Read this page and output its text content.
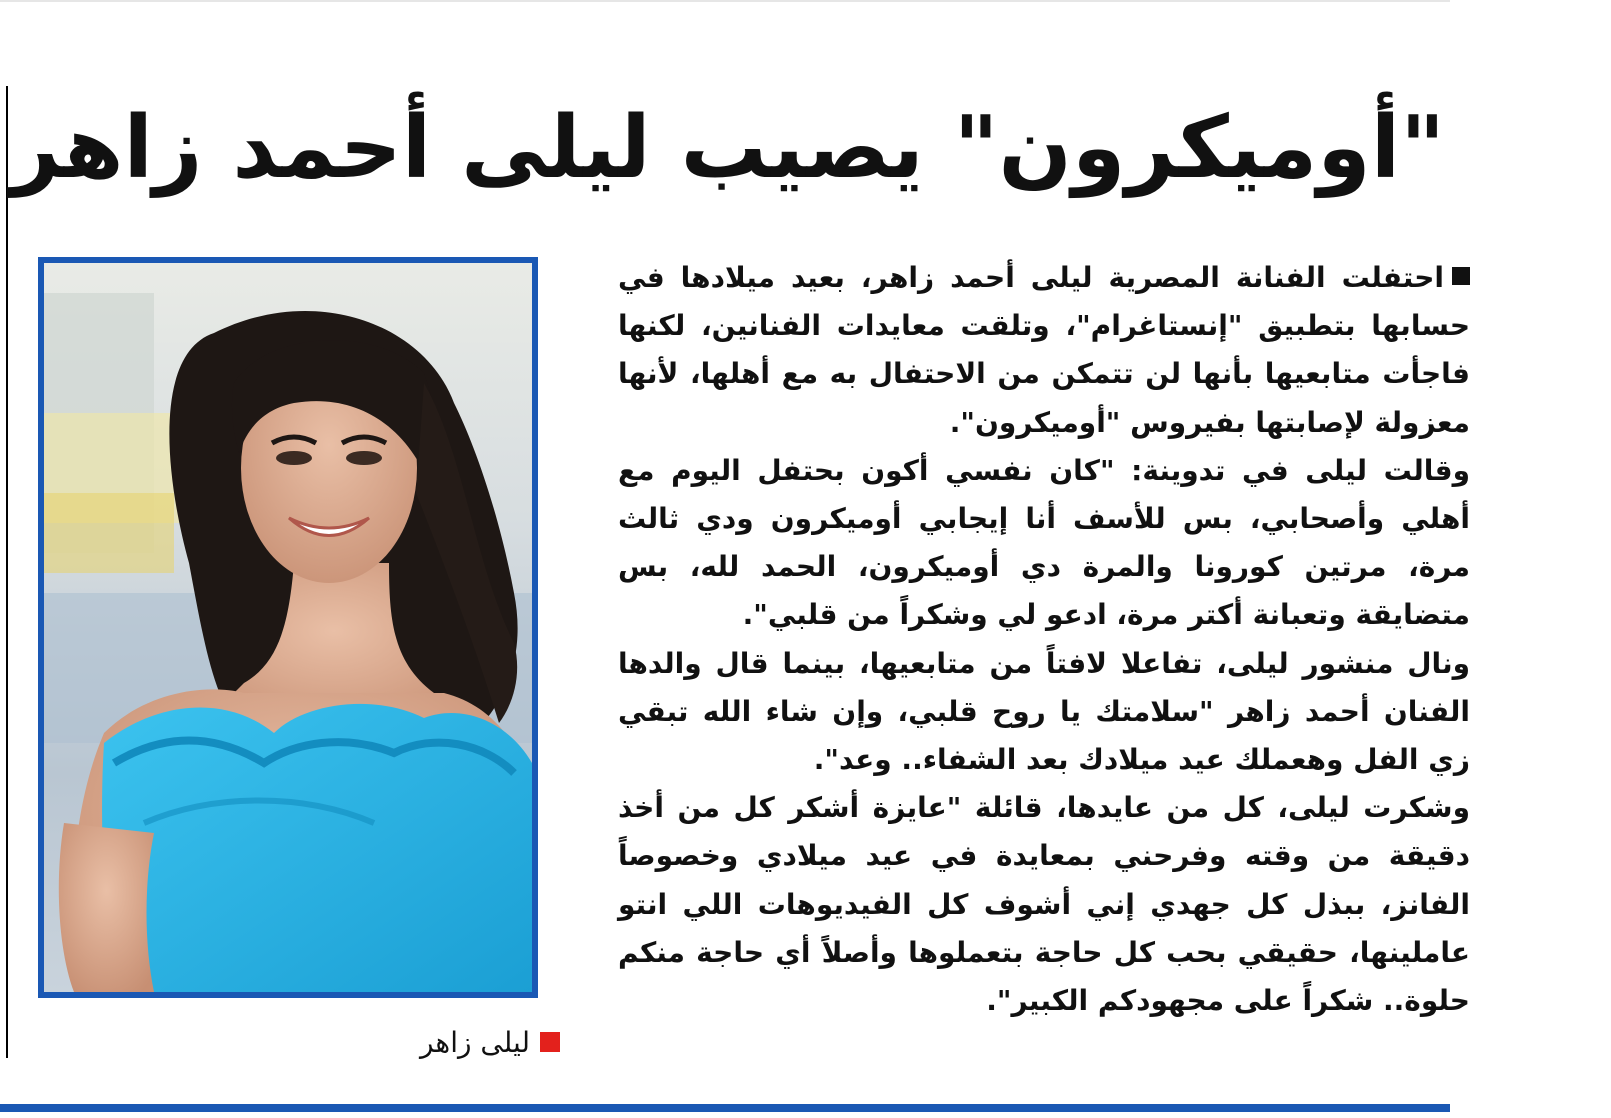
"أوميكرون" يصيب ليلى أحمد زاهر
ليلى زاهر

احتفلت الفنانة المصرية ليلى أحمد زاهر، بعيد ميلادها في حسابها بتطبيق "إنستاغرام"، وتلقت معايدات الفنانين، لكنها فاجأت متابعيها بأنها لن تتمكن من الاحتفال به مع أهلها، لأنها معزولة لإصابتها بفيروس "أوميكرون".

وقالت ليلى في تدوينة: "كان نفسي أكون بحتفل اليوم مع أهلي وأصحابي، بس للأسف أنا إيجابي أوميكرون ودي ثالث مرة، مرتين كورونا والمرة دي أوميكرون، الحمد لله، بس متضايقة وتعبانة أكتر مرة، ادعو لي وشكراً من قلبي".

ونال منشور ليلى، تفاعلا لافتاً من متابعيها، بينما قال والدها الفنان أحمد زاهر "سلامتك يا روح قلبي، وإن شاء الله تبقي زي الفل وهعملك عيد ميلادك بعد الشفاء.. وعد".

وشكرت ليلى، كل من عايدها، قائلة "عايزة أشكر كل من أخذ دقيقة من وقته وفرحني بمعايدة في عيد ميلادي وخصوصاً الفانز، ببذل كل جهدي إني أشوف كل الفيديوهات اللي انتو عاملينها، حقيقي بحب كل حاجة بتعملوها وأصلاً أي حاجة منكم حلوة.. شكراً على مجهودكم الكبير".
